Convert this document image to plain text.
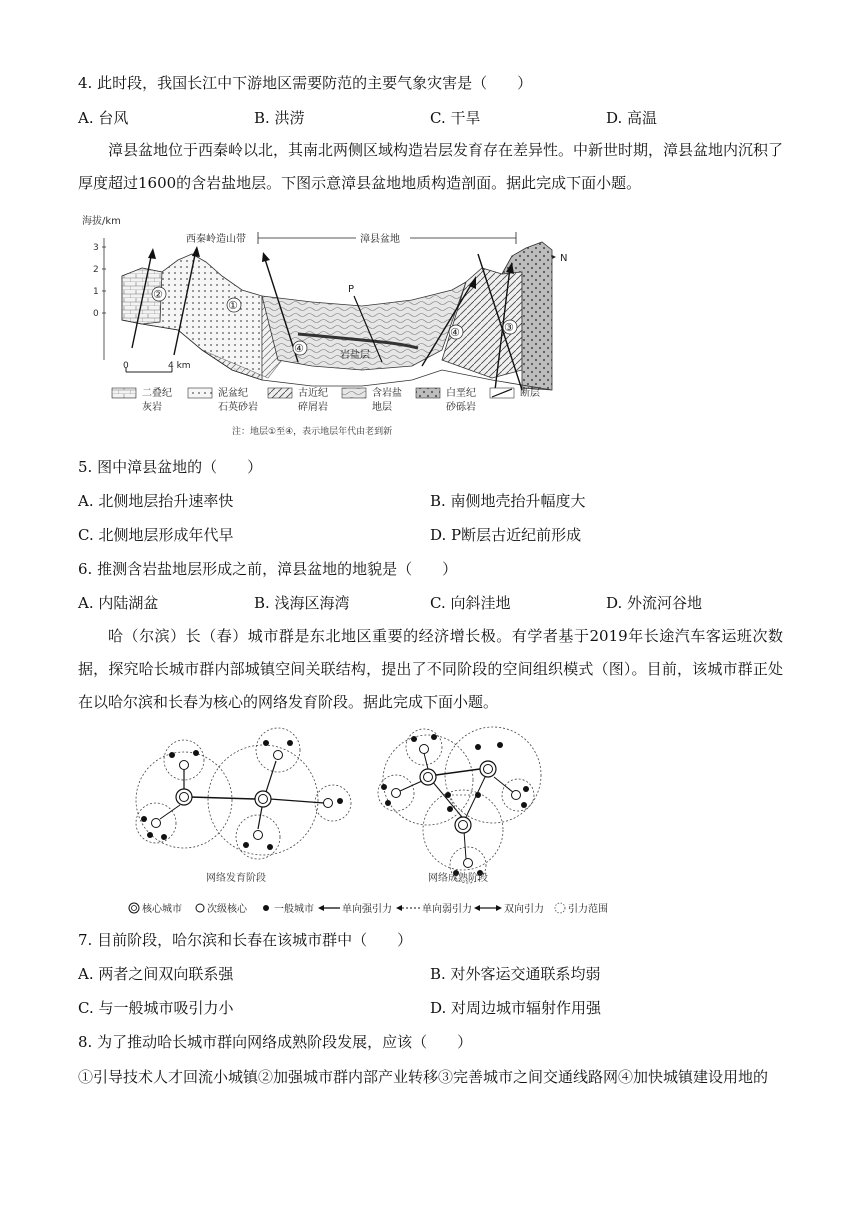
4. 此时段，我国长江中下游地区需要防范的主要气象灾害是（　　）
A. 台风	B. 洪涝	C. 干旱	D. 高温

漳县盆地位于西秦岭以北，其南北两侧区域构造岩层发育存在差异性。中新世时期，漳县盆地内沉积了厚度超过1600的含岩盐地层。下图示意漳县盆地地质构造剖面。据此完成下面小题。

海拔/km
3
2
1
0
西秦岭造山带	漳县盆地
N
P
岩盐层
①
②
③
④
④
0	4 km
二叠纪
灰岩
泥盆纪
石英砂岩
古近纪
碎屑岩
含岩盐
地层
白垩纪
砂砾岩
断层
注：地层①至④，表示地层年代由老到新
5. 图中漳县盆地的（　　）
A. 北侧地层抬升速率快	B. 南侧地壳抬升幅度大
C. 北侧地层形成年代早	D. P断层古近纪前形成
6. 推测含岩盐地层形成之前，漳县盆地的地貌是（　　）
A. 内陆湖盆	B. 浅海区海湾	C. 向斜洼地	D. 外流河谷地

哈（尔滨）长（春）城市群是东北地区重要的经济增长极。有学者基于2019年长途汽车客运班次数据，探究哈长城市群内部城镇空间关联结构，提出了不同阶段的空间组织模式（图）。目前，该城市群正处在以哈尔滨和长春为核心的网络发育阶段。据此完成下面小题。

网络发育阶段	网络成熟阶段
核心城市	次级核心	一般城市	单向强引力	单向弱引力	双向引力 引力范围
7. 目前阶段，哈尔滨和长春在该城市群中（　　）
A. 两者之间双向联系强	B. 对外客运交通联系均弱
C. 与一般城市吸引力小	D. 对周边城市辐射作用强
8. 为了推动哈长城市群向网络成熟阶段发展，应该（　　）
①引导技术人才回流小城镇②加强城市群内部产业转移③完善城市之间交通线路网④加快城镇建设用地的
